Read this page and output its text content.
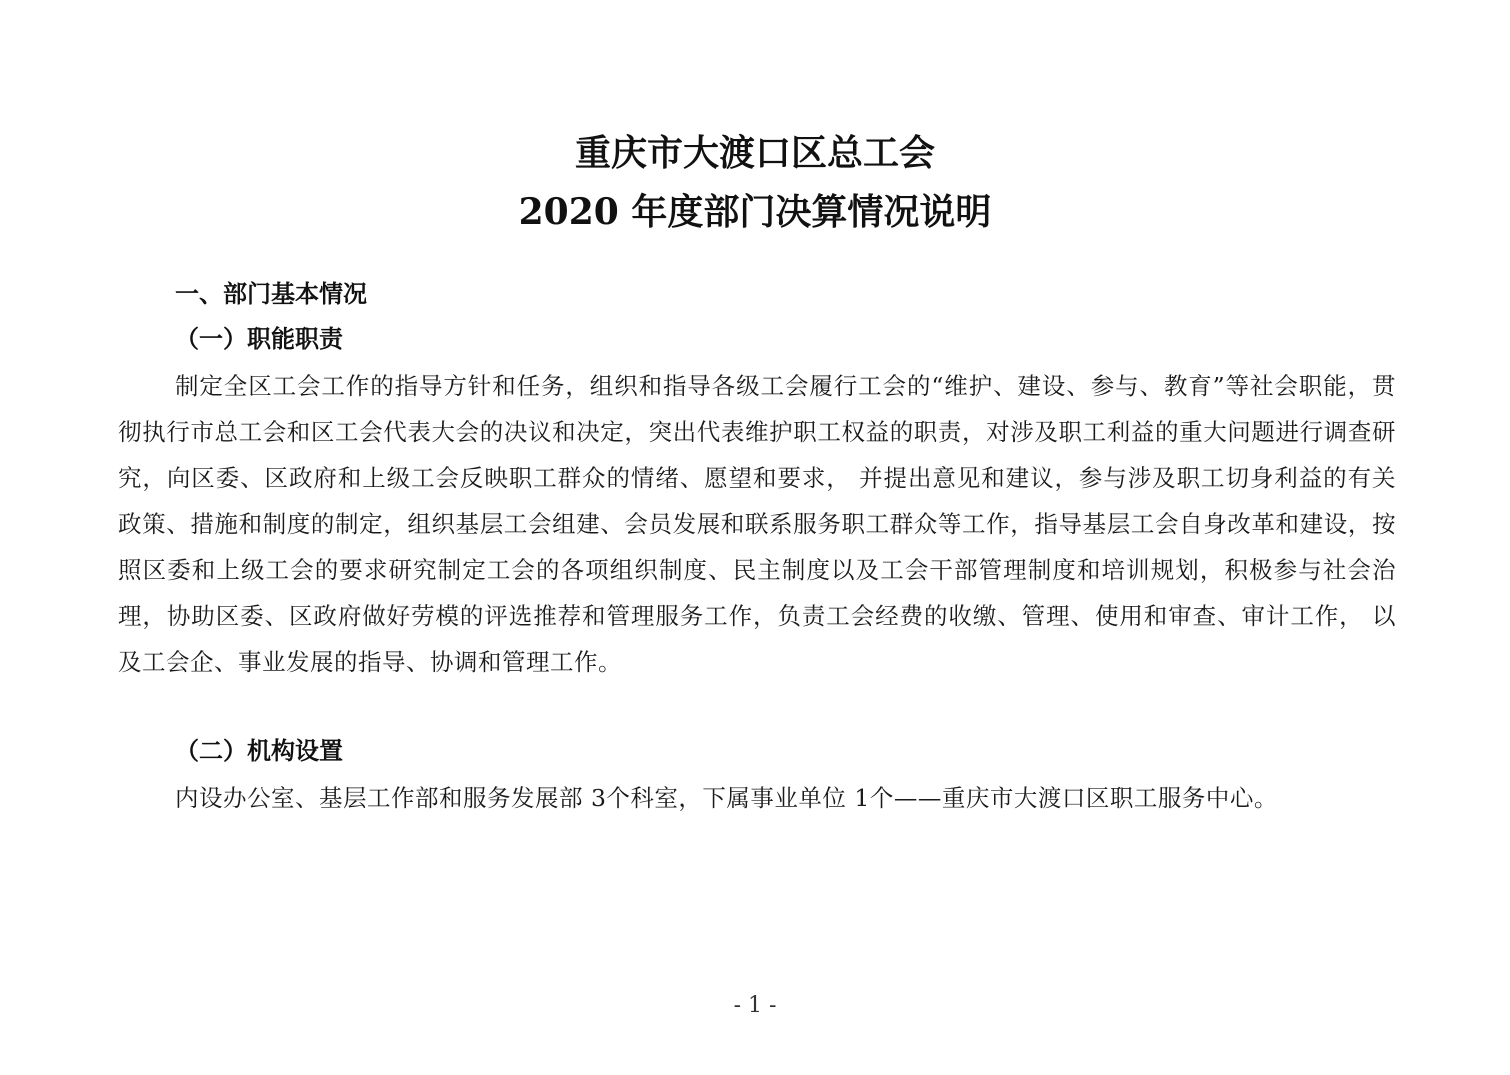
重庆市大渡口区总工会
2020 年度部门决算情况说明
一、部门基本情况
（一）职能职责

制定全区工会工作的指导方针和任务，组织和指导各级工会履行工会的“维护、建设、参与、教育”等社会职能，贯彻执行市总工会和区工会代表大会的决议和决定，突出代表维护职工权益的职责，对涉及职工利益的重大问题进行调查研究，向区委、区政府和上级工会反映职工群众的情绪、愿望和要求， 并提出意见和建议，参与涉及职工切身利益的有关政策、措施和制度的制定，组织基层工会组建、会员发展和联系服务职工群众等工作，指导基层工会自身改革和建设，按照区委和上级工会的要求研究制定工会的各项组织制度、民主制度以及工会干部管理制度和培训规划，积极参与社会治理，协助区委、区政府做好劳模的评选推荐和管理服务工作，负责工会经费的收缴、管理、使用和审查、审计工作， 以及工会企、事业发展的指导、协调和管理工作。

（二）机构设置

内设办公室、基层工作部和服务发展部 3个科室，下属事业单位 1个——重庆市大渡口区职工服务中心。

- 1 -
